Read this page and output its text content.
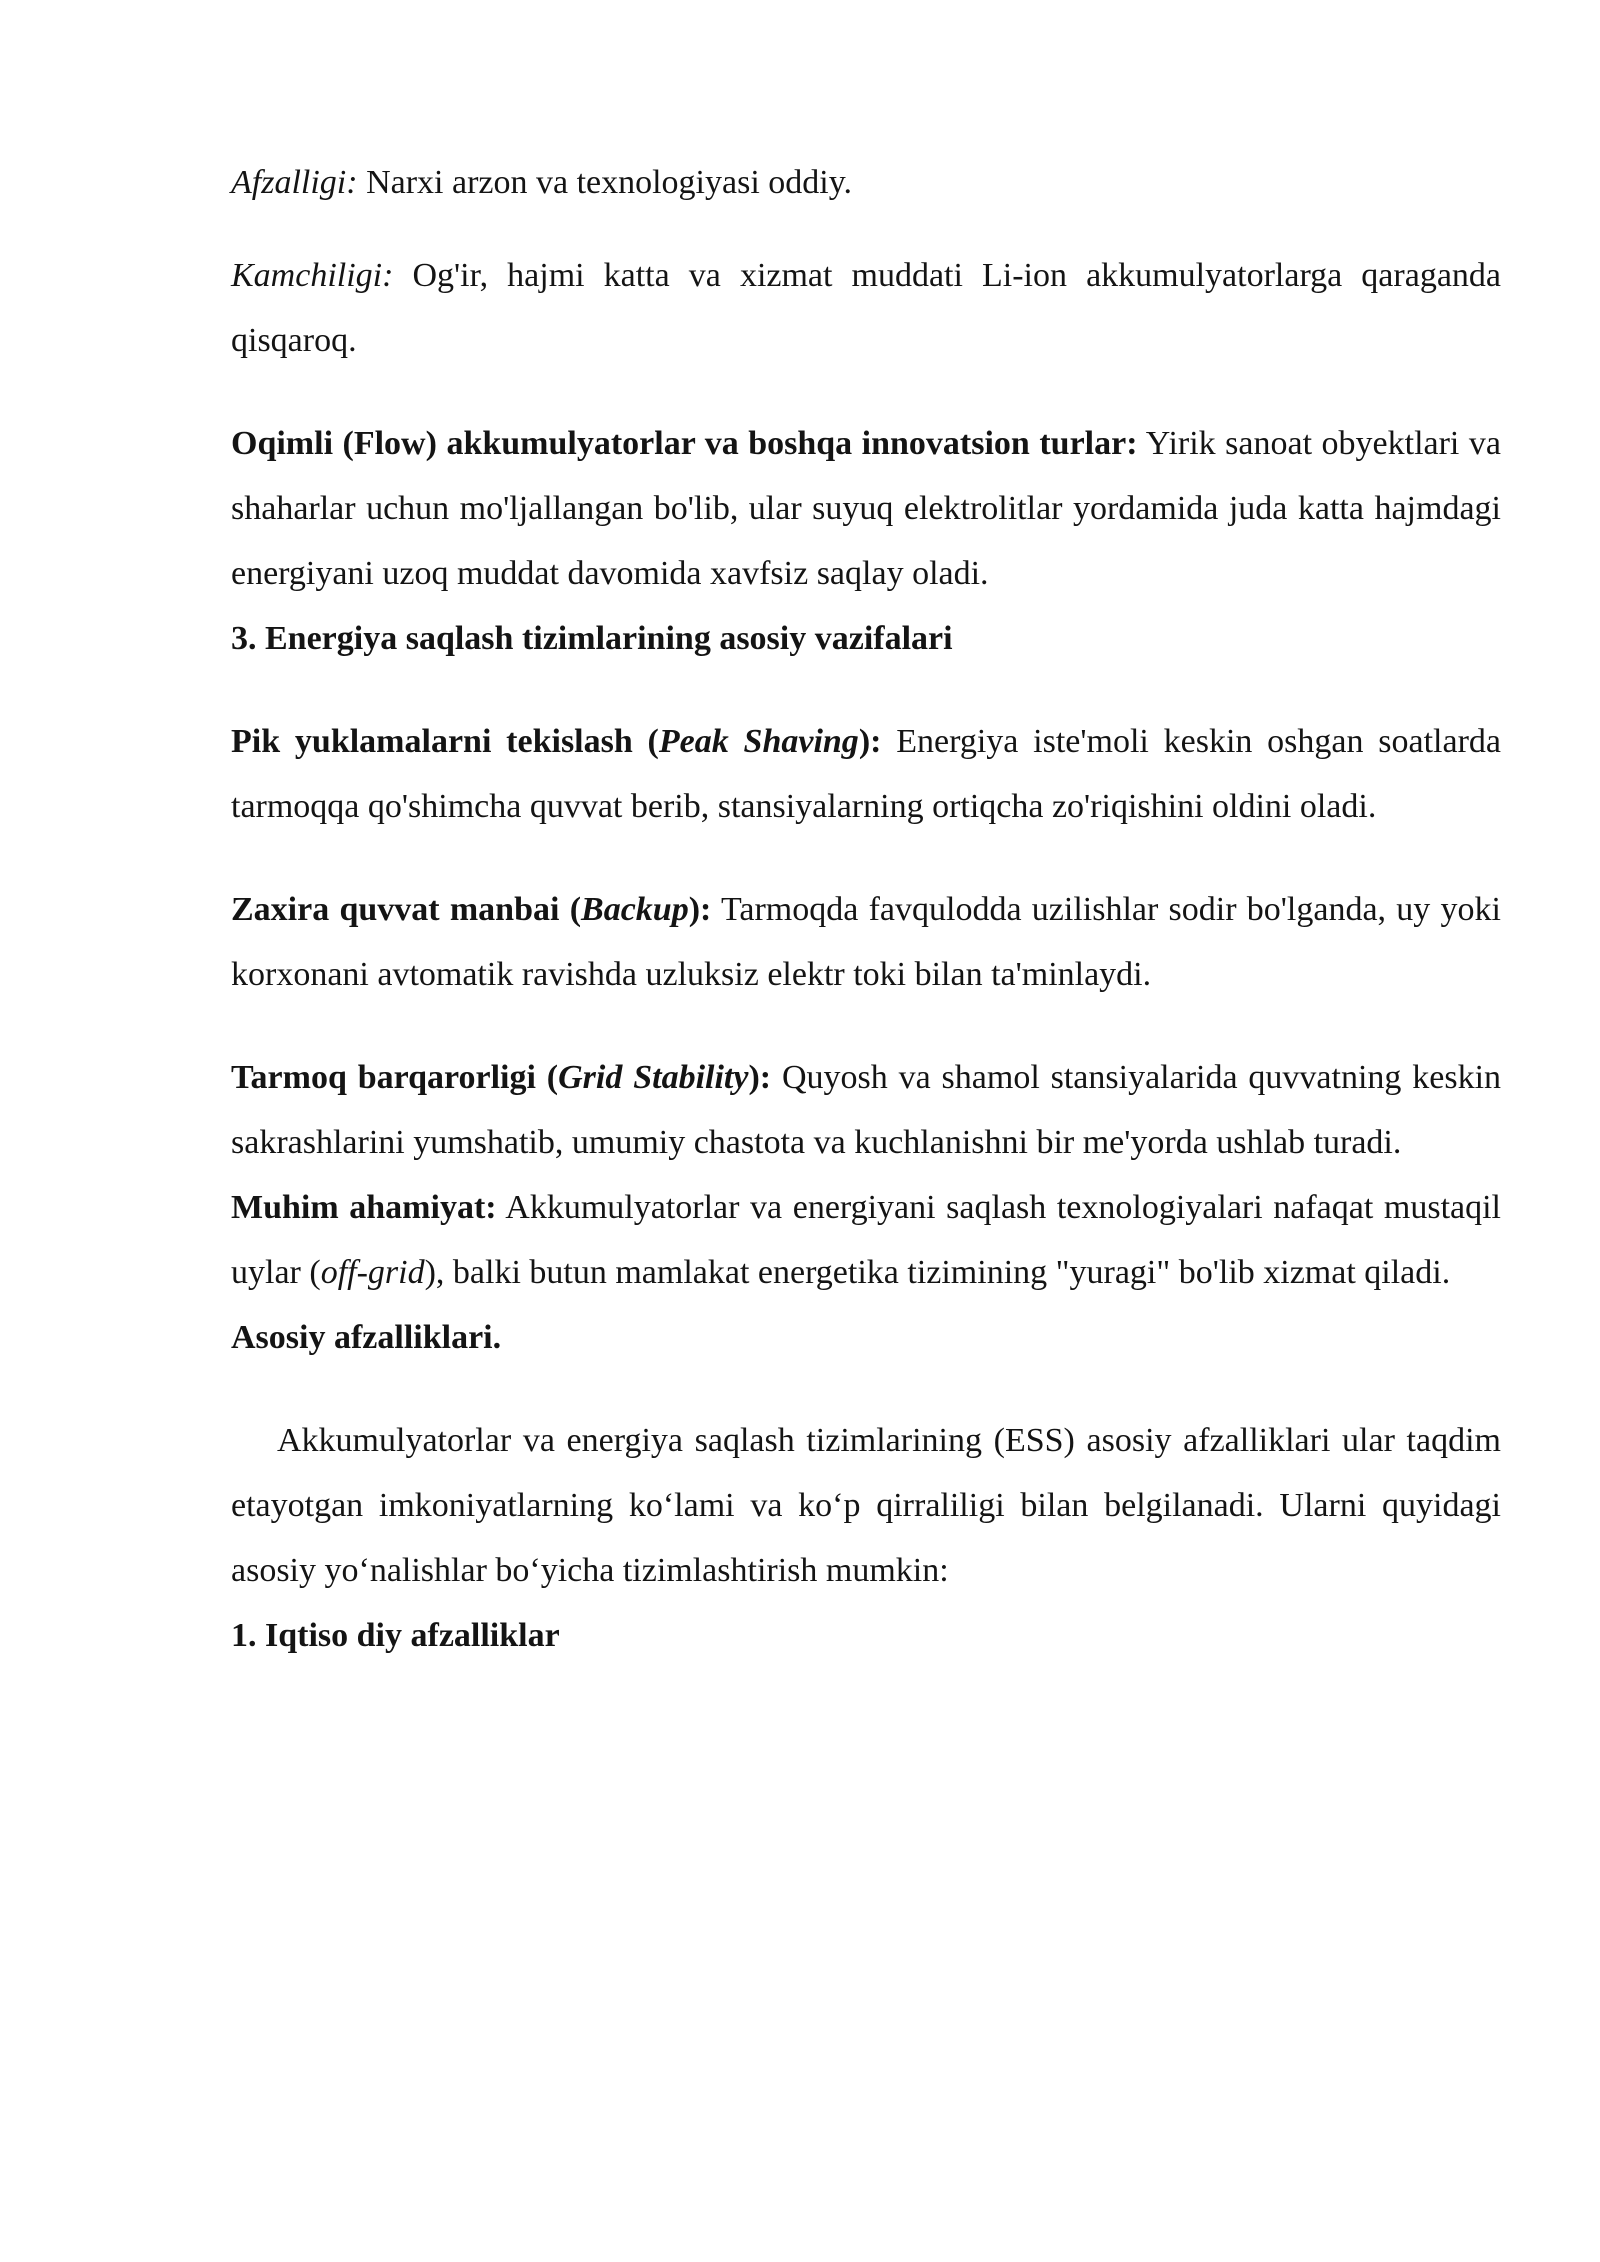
Afzalligi: Narxi arzon va texnologiyasi oddiy.

Kamchiligi: Og'ir, hajmi katta va xizmat muddati Li-ion akkumulyatorlarga qaraganda qisqaroq.

Oqimli (Flow) akkumulyatorlar va boshqa innovatsion turlar: Yirik sanoat obyektlari va shaharlar uchun mo'ljallangan bo'lib, ular suyuq elektrolitlar yordamida juda katta hajmdagi energiyani uzoq muddat davomida xavfsiz saqlay oladi.

3. Energiya saqlash tizimlarining asosiy vazifalari

Pik yuklamalarni tekislash (Peak Shaving): Energiya iste'moli keskin oshgan soatlarda tarmoqqa qo'shimcha quvvat berib, stansiyalarning ortiqcha zo'riqishini oldini oladi.

Zaxira quvvat manbai (Backup): Tarmoqda favqulodda uzilishlar sodir bo'lganda, uy yoki korxonani avtomatik ravishda uzluksiz elektr toki bilan ta'minlaydi.

Tarmoq barqarorligi (Grid Stability): Quyosh va shamol stansiyalarida quvvatning keskin sakrashlarini yumshatib, umumiy chastota va kuchlanishni bir me'yorda ushlab turadi.

Muhim ahamiyat: Akkumulyatorlar va energiyani saqlash texnologiyalari nafaqat mustaqil uylar (off-grid), balki butun mamlakat energetika tizimining "yuragi" bo'lib xizmat qiladi.

Asosiy afzalliklari.

Akkumulyatorlar va energiya saqlash tizimlarining (ESS) asosiy afzalliklari ular taqdim etayotgan imkoniyatlarning ko‘lami va ko‘p qirraliligi bilan belgilanadi. Ularni quyidagi asosiy yo‘nalishlar bo‘yicha tizimlashtirish mumkin:

1. Iqtiso diy afzalliklar
